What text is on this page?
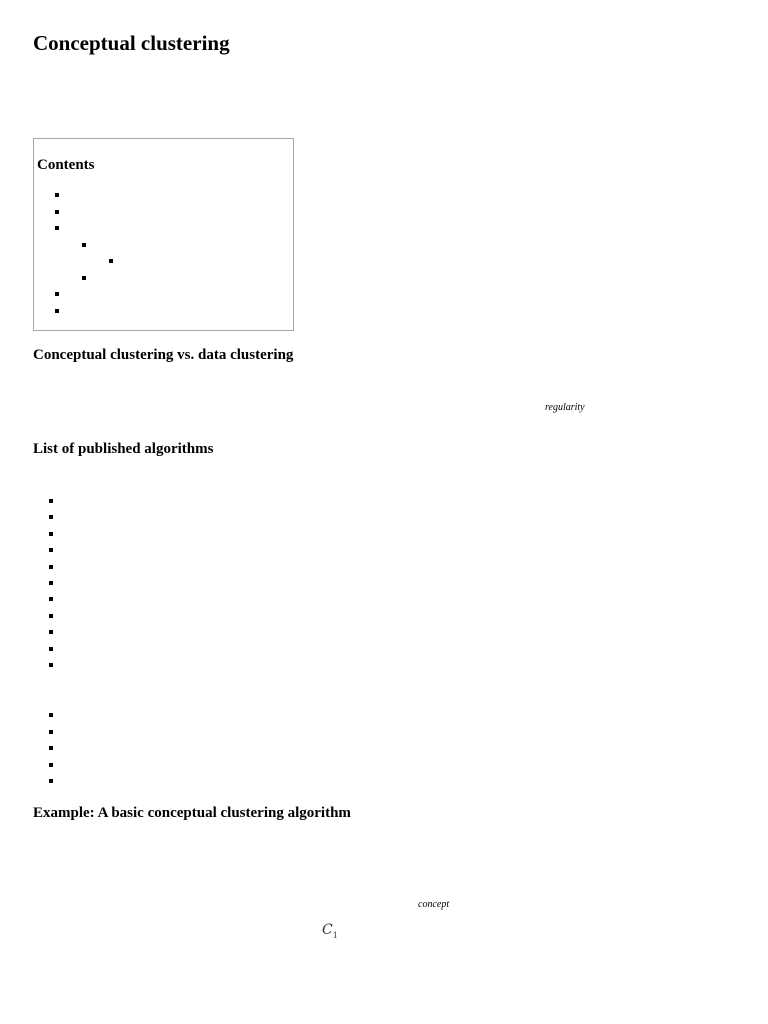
Conceptual clustering
Contents
Conceptual clustering vs. data clustering
regularity
List of published algorithms
Example: A basic conceptual clustering algorithm
concept
$C_1$
